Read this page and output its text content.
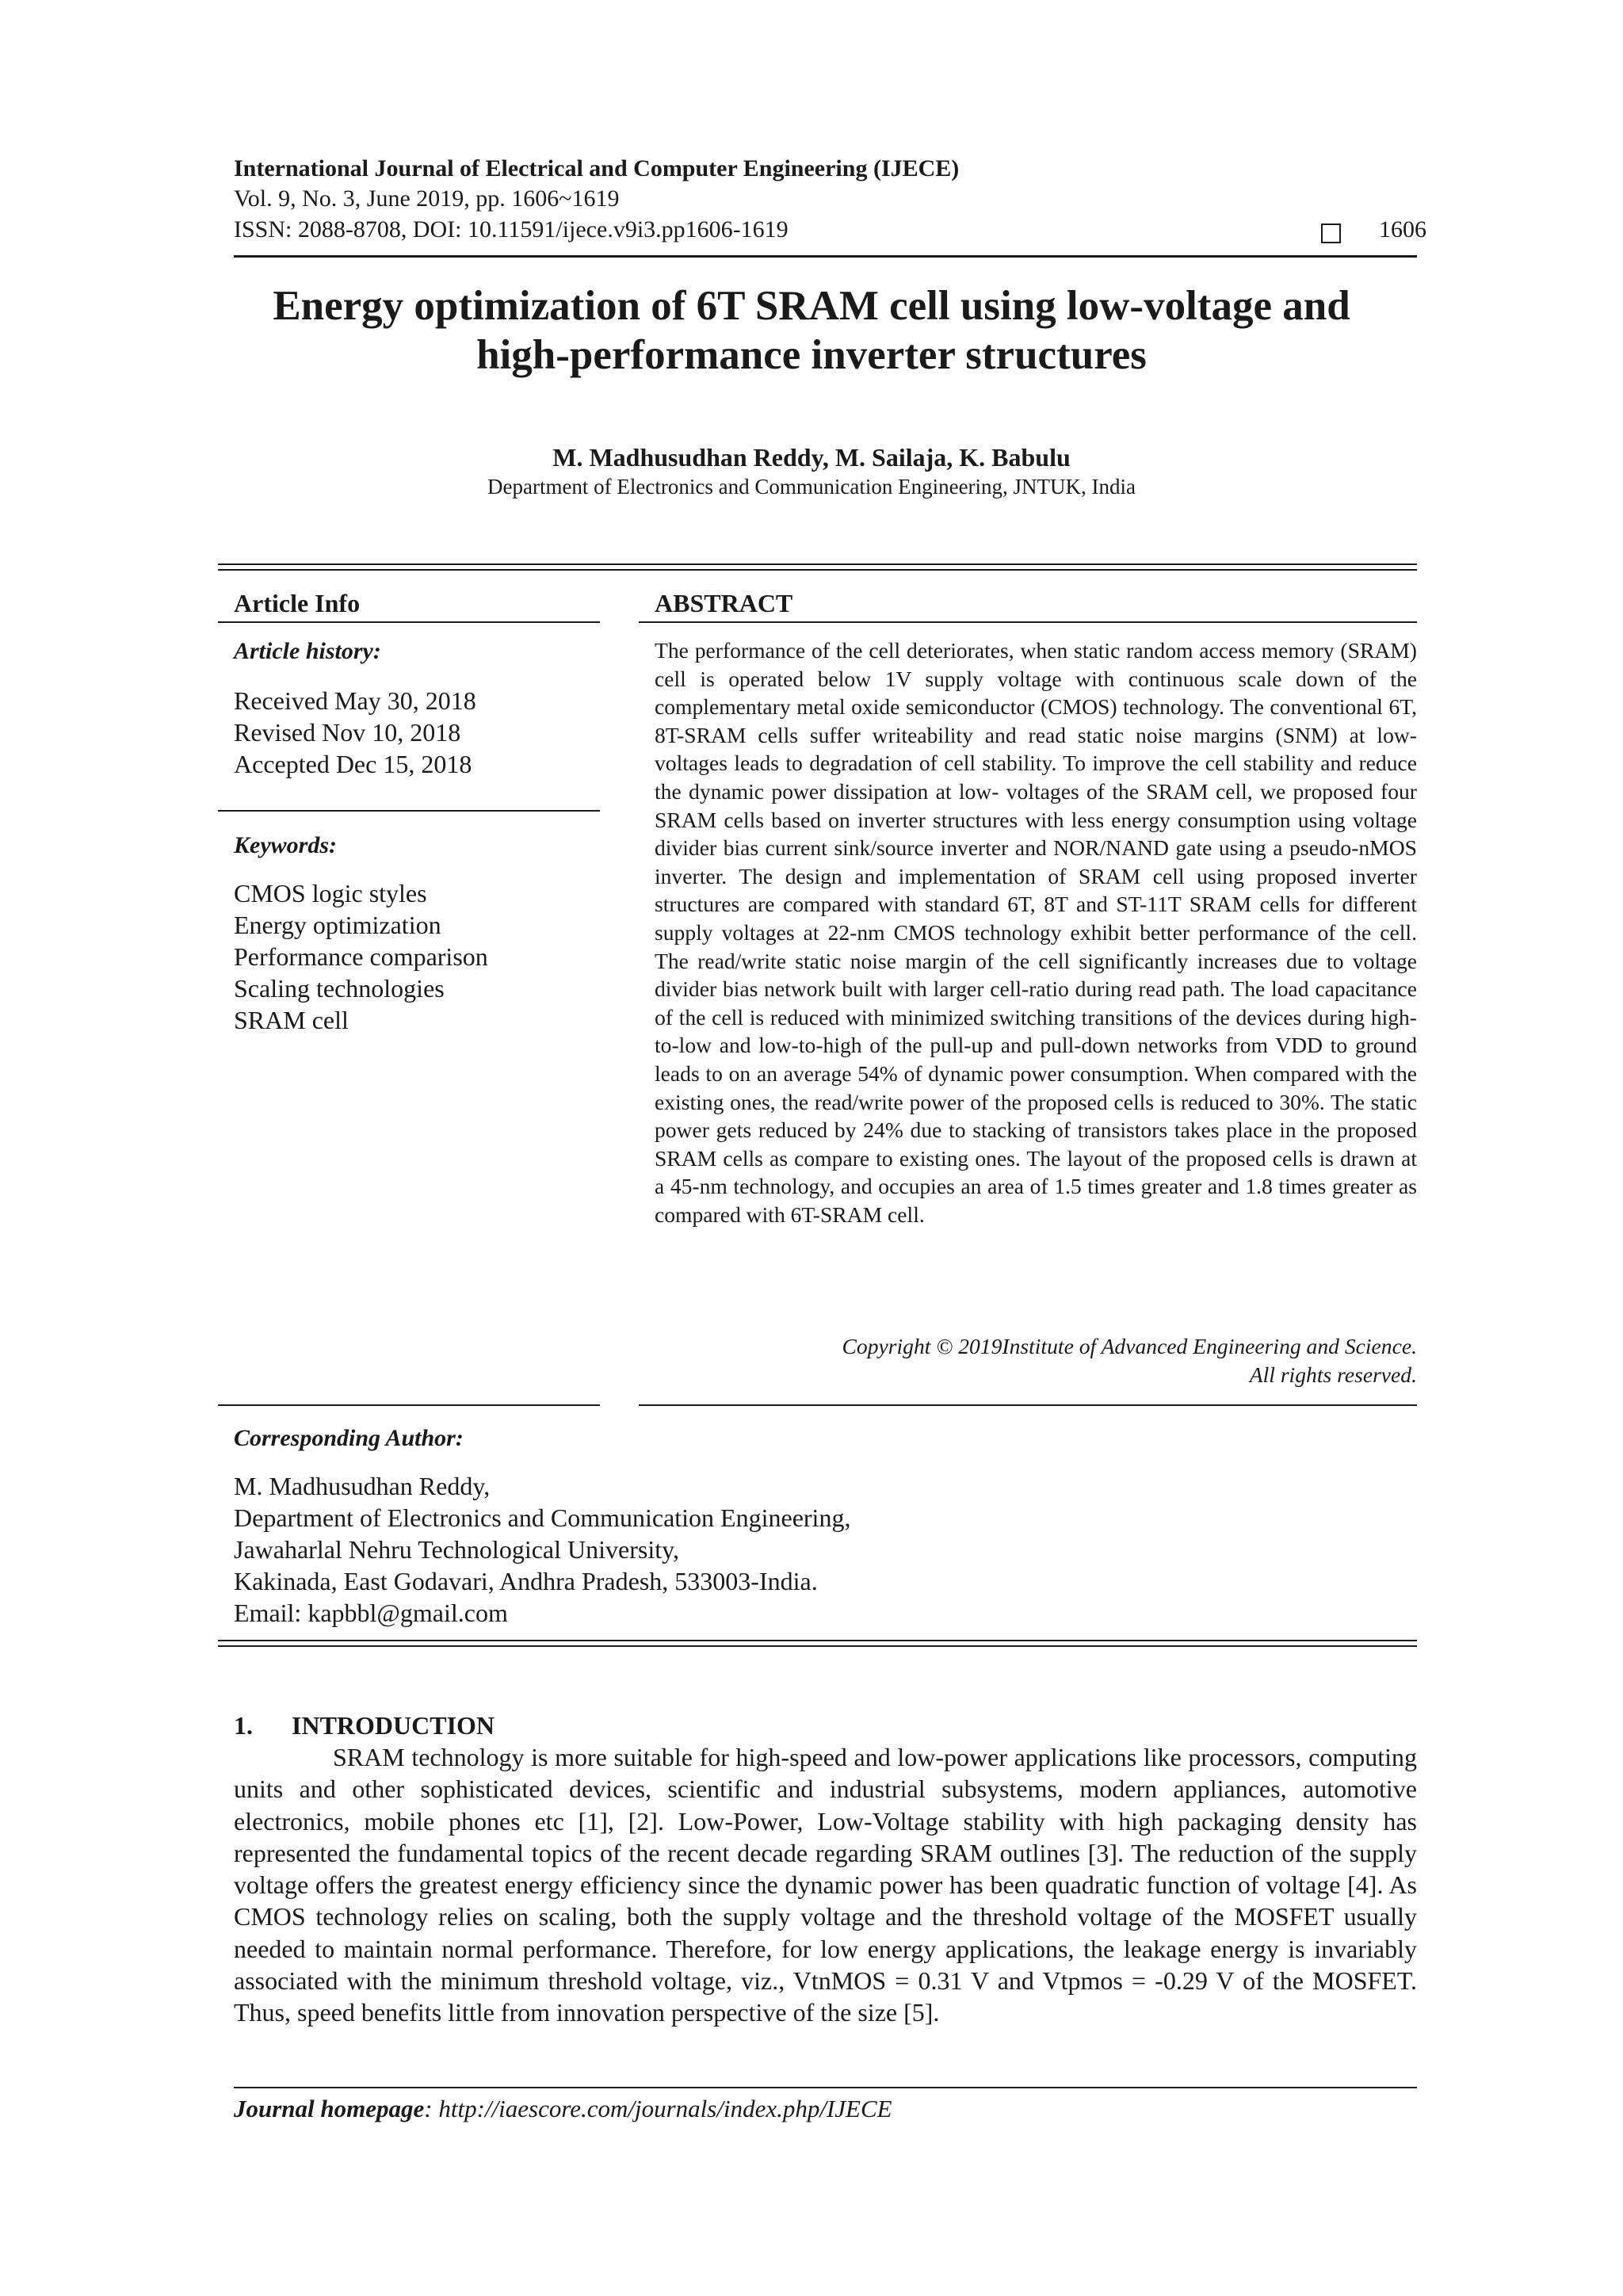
International Journal of Electrical and Computer Engineering (IJECE)
Vol. 9, No. 3, June 2019, pp. 1606~1619
ISSN: 2088-8708, DOI: 10.11591/ijece.v9i3.pp1606-1619	1606
Energy optimization of 6T SRAM cell using low-voltage and
high-performance inverter structures
M. Madhusudhan Reddy, M. Sailaja, K. Babulu
Department of Electronics and Communication Engineering, JNTUK, India
Article Info
Article history:
Received May 30, 2018
Revised Nov 10, 2018
Accepted Dec 15, 2018
Keywords:
CMOS logic styles
Energy optimization
Performance comparison
Scaling technologies
SRAM cell
ABSTRACT
The performance of the cell deteriorates, when static random access memory (SRAM) cell is operated below 1V supply voltage with continuous scale down of the complementary metal oxide semiconductor (CMOS) technology. The conventional 6T, 8T-SRAM cells suffer writeability and read static noise margins (SNM) at low-voltages leads to degradation of cell stability. To improve the cell stability and reduce the dynamic power dissipation at low- voltages of the SRAM cell, we proposed four SRAM cells based on inverter structures with less energy consumption using voltage divider bias current sink/source inverter and NOR/NAND gate using a pseudo-nMOS inverter. The design and implementation of SRAM cell using proposed inverter structures are compared with standard 6T, 8T and ST-11T SRAM cells for different supply voltages at 22-nm CMOS technology exhibit better performance of the cell. The read/write static noise margin of the cell significantly increases due to voltage divider bias network built with larger cell-ratio during read path. The load capacitance of the cell is reduced with minimized switching transitions of the devices during high-to-low and low-to-high of the pull-up and pull-down networks from VDD to ground leads to on an average 54% of dynamic power consumption. When compared with the existing ones, the read/write power of the proposed cells is reduced to 30%. The static power gets reduced by 24% due to stacking of transistors takes place in the proposed SRAM cells as compare to existing ones. The layout of the proposed cells is drawn at a 45-nm technology, and occupies an area of 1.5 times greater and 1.8 times greater as compared with 6T-SRAM cell.
Copyright © 2019Institute of Advanced Engineering and Science.
All rights reserved.
Corresponding Author:
M. Madhusudhan Reddy,
Department of Electronics and Communication Engineering,
Jawaharlal Nehru Technological University,
Kakinada, East Godavari, Andhra Pradesh, 533003-India.
Email: kapbbl@gmail.com
1. INTRODUCTION

SRAM technology is more suitable for high-speed and low-power applications like processors, computing units and other sophisticated devices, scientific and industrial subsystems, modern appliances, automotive electronics, mobile phones etc [1], [2]. Low-Power, Low-Voltage stability with high packaging density has represented the fundamental topics of the recent decade regarding SRAM outlines [3]. The reduction of the supply voltage offers the greatest energy efficiency since the dynamic power has been quadratic function of voltage [4]. As CMOS technology relies on scaling, both the supply voltage and the threshold voltage of the MOSFET usually needed to maintain normal performance. Therefore, for low energy applications, the leakage energy is invariably associated with the minimum threshold voltage, viz., VtnMOS = 0.31 V and Vtpmos = -0.29 V of the MOSFET. Thus, speed benefits little from innovation perspective of the size [5].

Journal homepage: http://iaescore.com/journals/index.php/IJECE
